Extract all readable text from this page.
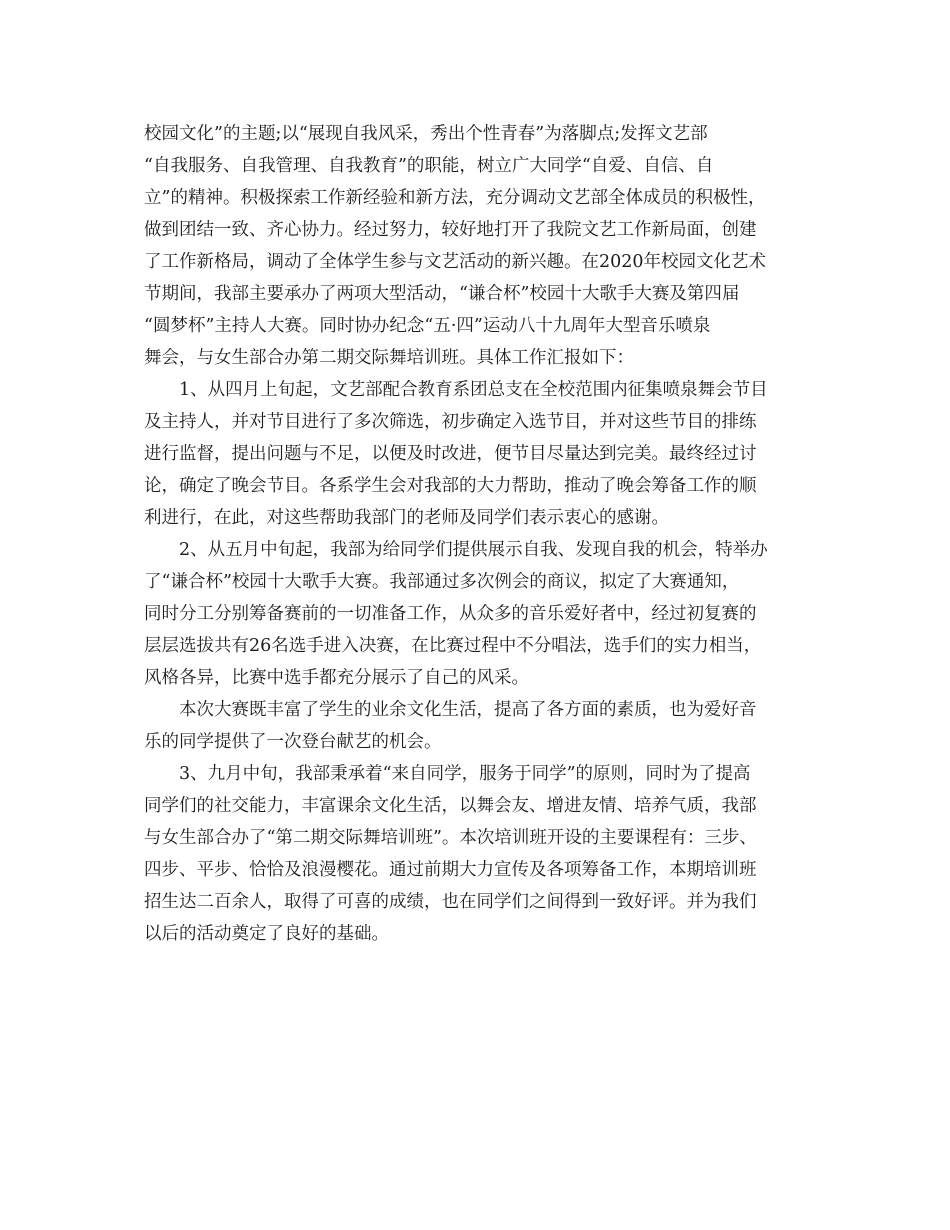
校园文化”的主题;以“展现自我风采，秀出个性青春”为落脚点;发挥文艺部
“自我服务、自我管理、自我教育”的职能，树立广大同学“自爱、自信、自
立”的精神。积极探索工作新经验和新方法，充分调动文艺部全体成员的积极性，
做到团结一致、齐心协力。经过努力，较好地打开了我院文艺工作新局面，创建
了工作新格局，调动了全体学生参与文艺活动的新兴趣。在2020年校园文化艺术
节期间，我部主要承办了两项大型活动，“谦合杯”校园十大歌手大赛及第四届
“圆梦杯”主持人大赛。同时协办纪念“五·四”运动八十九周年大型音乐喷泉
舞会，与女生部合办第二期交际舞培训班。具体工作汇报如下：
1、从四月上旬起，文艺部配合教育系团总支在全校范围内征集喷泉舞会节目
及主持人，并对节目进行了多次筛选，初步确定入选节目，并对这些节目的排练
进行监督，提出问题与不足，以便及时改进，便节目尽量达到完美。最终经过讨
论，确定了晚会节目。各系学生会对我部的大力帮助，推动了晚会筹备工作的顺
利进行，在此，对这些帮助我部门的老师及同学们表示衷心的感谢。
2、从五月中旬起，我部为给同学们提供展示自我、发现自我的机会，特举办
了“谦合杯”校园十大歌手大赛。我部通过多次例会的商议，拟定了大赛通知，
同时分工分别筹备赛前的一切准备工作，从众多的音乐爱好者中，经过初复赛的
层层选拔共有26名选手进入决赛，在比赛过程中不分唱法，选手们的实力相当，
风格各异，比赛中选手都充分展示了自己的风采。
本次大赛既丰富了学生的业余文化生活，提高了各方面的素质，也为爱好音
乐的同学提供了一次登台献艺的机会。
3、九月中旬，我部秉承着“来自同学，服务于同学”的原则，同时为了提高
同学们的社交能力，丰富课余文化生活，以舞会友、增进友情、培养气质，我部
与女生部合办了“第二期交际舞培训班”。本次培训班开设的主要课程有：三步、
四步、平步、恰恰及浪漫樱花。通过前期大力宣传及各项筹备工作，本期培训班
招生达二百余人，取得了可喜的成绩，也在同学们之间得到一致好评。并为我们
以后的活动奠定了良好的基础。
